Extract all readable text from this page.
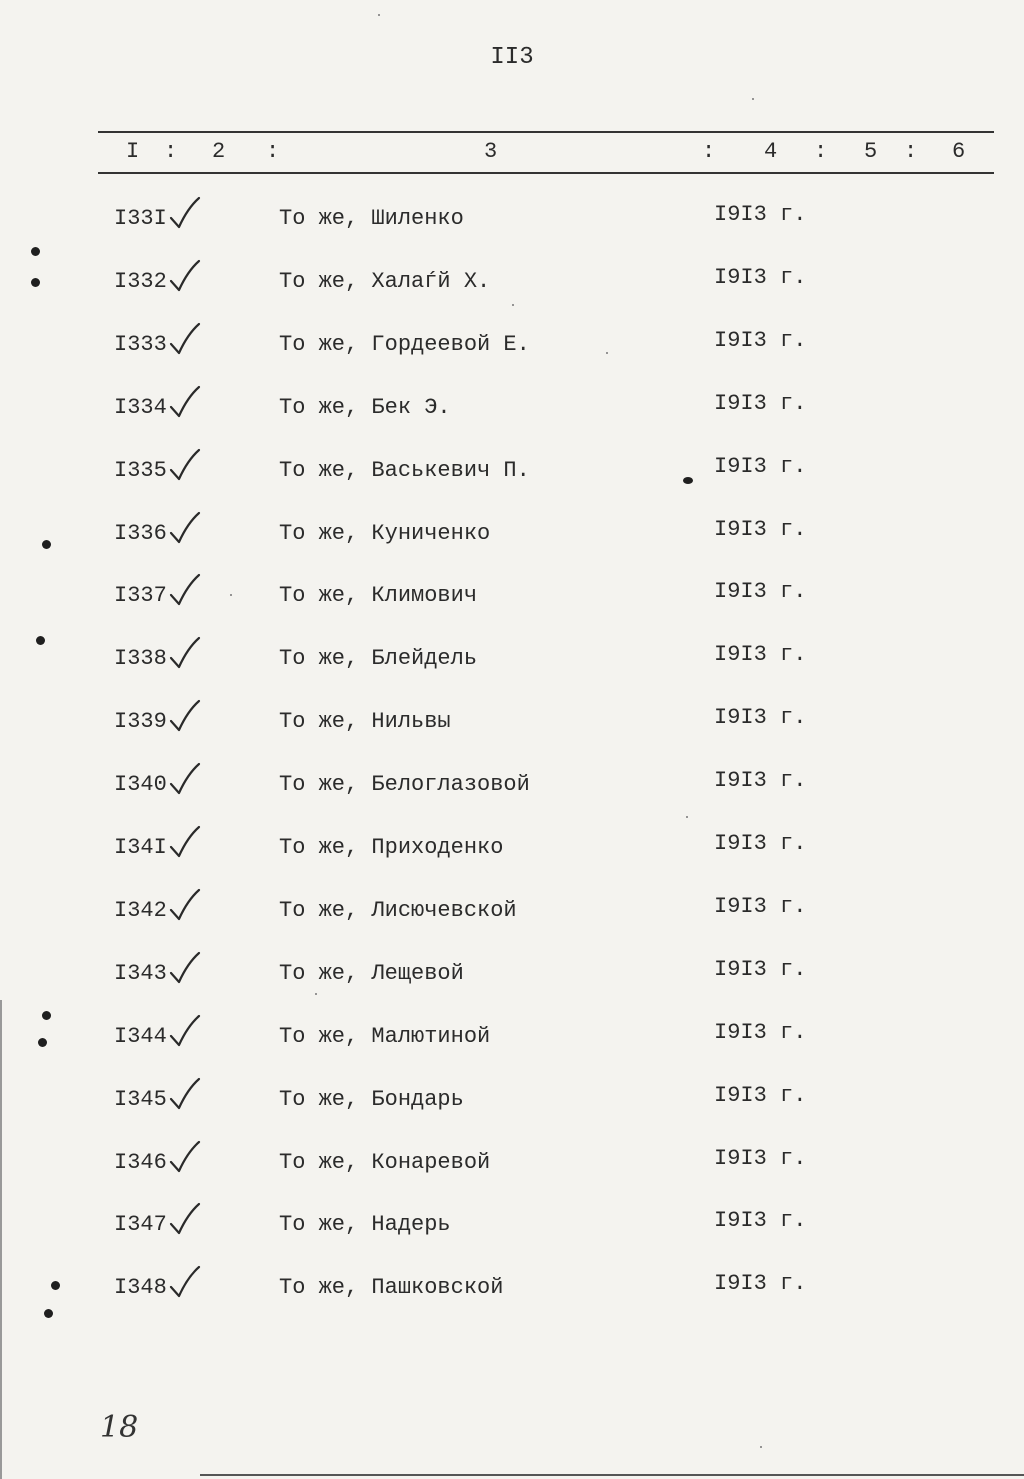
II3
I : 2 :	3	: 4 : 5 : 6
I33I	То же, Шиленко	I9I3 г.
I332	То же, Халаѓй Х.	I9I3 г.
I333	То же, Гордеевой Е.	I9I3 г.
I334	То же, Бек Э.	I9I3 г.
I335	То же, Васькевич П.	I9I3 г.
I336	То же, Куниченко	I9I3 г.
I337	То же, Климович	I9I3 г.
I338	То же, Блейдель	I9I3 г.
I339	То же, Нильвы	I9I3 г.
I340	То же, Белоглазовой	I9I3 г.
I34I	То же, Приходенко	I9I3 г.
I342	То же, Лисючевской	I9I3 г.
I343	То же, Лещевой	I9I3 г.
I344	То же, Малютиной	I9I3 г.
I345	То же, Бондарь	I9I3 г.
I346	То же, Конаревой	I9I3 г.
I347	То же, Надерь	I9I3 г.
I348	То же, Пашковской	I9I3 г.
18
